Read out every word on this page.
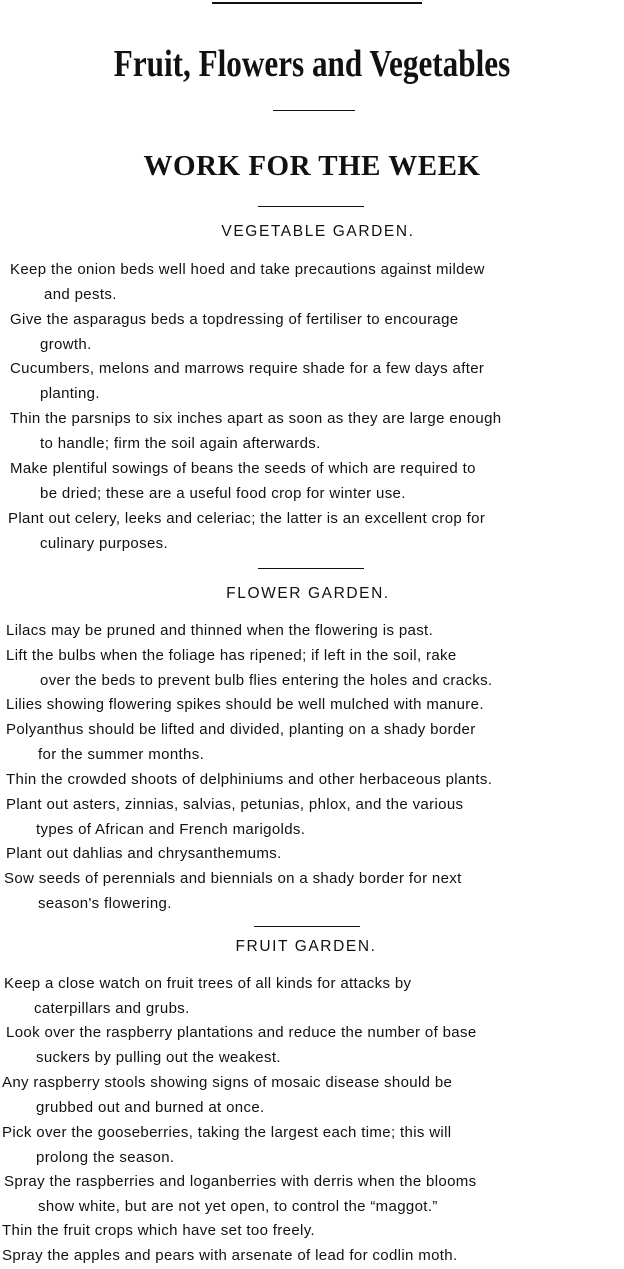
Fruit, Flowers and Vegetables
WORK FOR THE WEEK
VEGETABLE GARDEN.

Keep the onion beds well hoed and take precautions against mildew
and pests.

Give the asparagus beds a topdressing of fertiliser to encourage
growth.

Cucumbers, melons and marrows require shade for a few days after
planting.

Thin the parsnips to six inches apart as soon as they are large enough
to handle; firm the soil again afterwards.

Make plentiful sowings of beans the seeds of which are required to
be dried; these are a useful food crop for winter use.

Plant out celery, leeks and celeriac; the latter is an excellent crop for
culinary purposes.

FLOWER GARDEN.

Lilacs may be pruned and thinned when the flowering is past.

Lift the bulbs when the foliage has ripened; if left in the soil, rake
over the beds to prevent bulb flies entering the holes and cracks.

Lilies showing flowering spikes should be well mulched with manure.

Polyanthus should be lifted and divided, planting on a shady border
for the summer months.

Thin the crowded shoots of delphiniums and other herbaceous plants.

Plant out asters, zinnias, salvias, petunias, phlox, and the various
types of African and French marigolds.

Plant out dahlias and chrysanthemums.

Sow seeds of perennials and biennials on a shady border for next
season's flowering.

FRUIT GARDEN.

Keep a close watch on fruit trees of all kinds for attacks by
caterpillars and grubs.

Look over the raspberry plantations and reduce the number of base
suckers by pulling out the weakest.

Any raspberry stools showing signs of mosaic disease should be
grubbed out and burned at once.

Pick over the gooseberries, taking the largest each time; this will
prolong the season.

Spray the raspberries and loganberries with derris when the blooms
show white, but are not yet open, to control the “maggot.”

Thin the fruit crops which have set too freely.

Spray the apples and pears with arsenate of lead for codlin moth.
